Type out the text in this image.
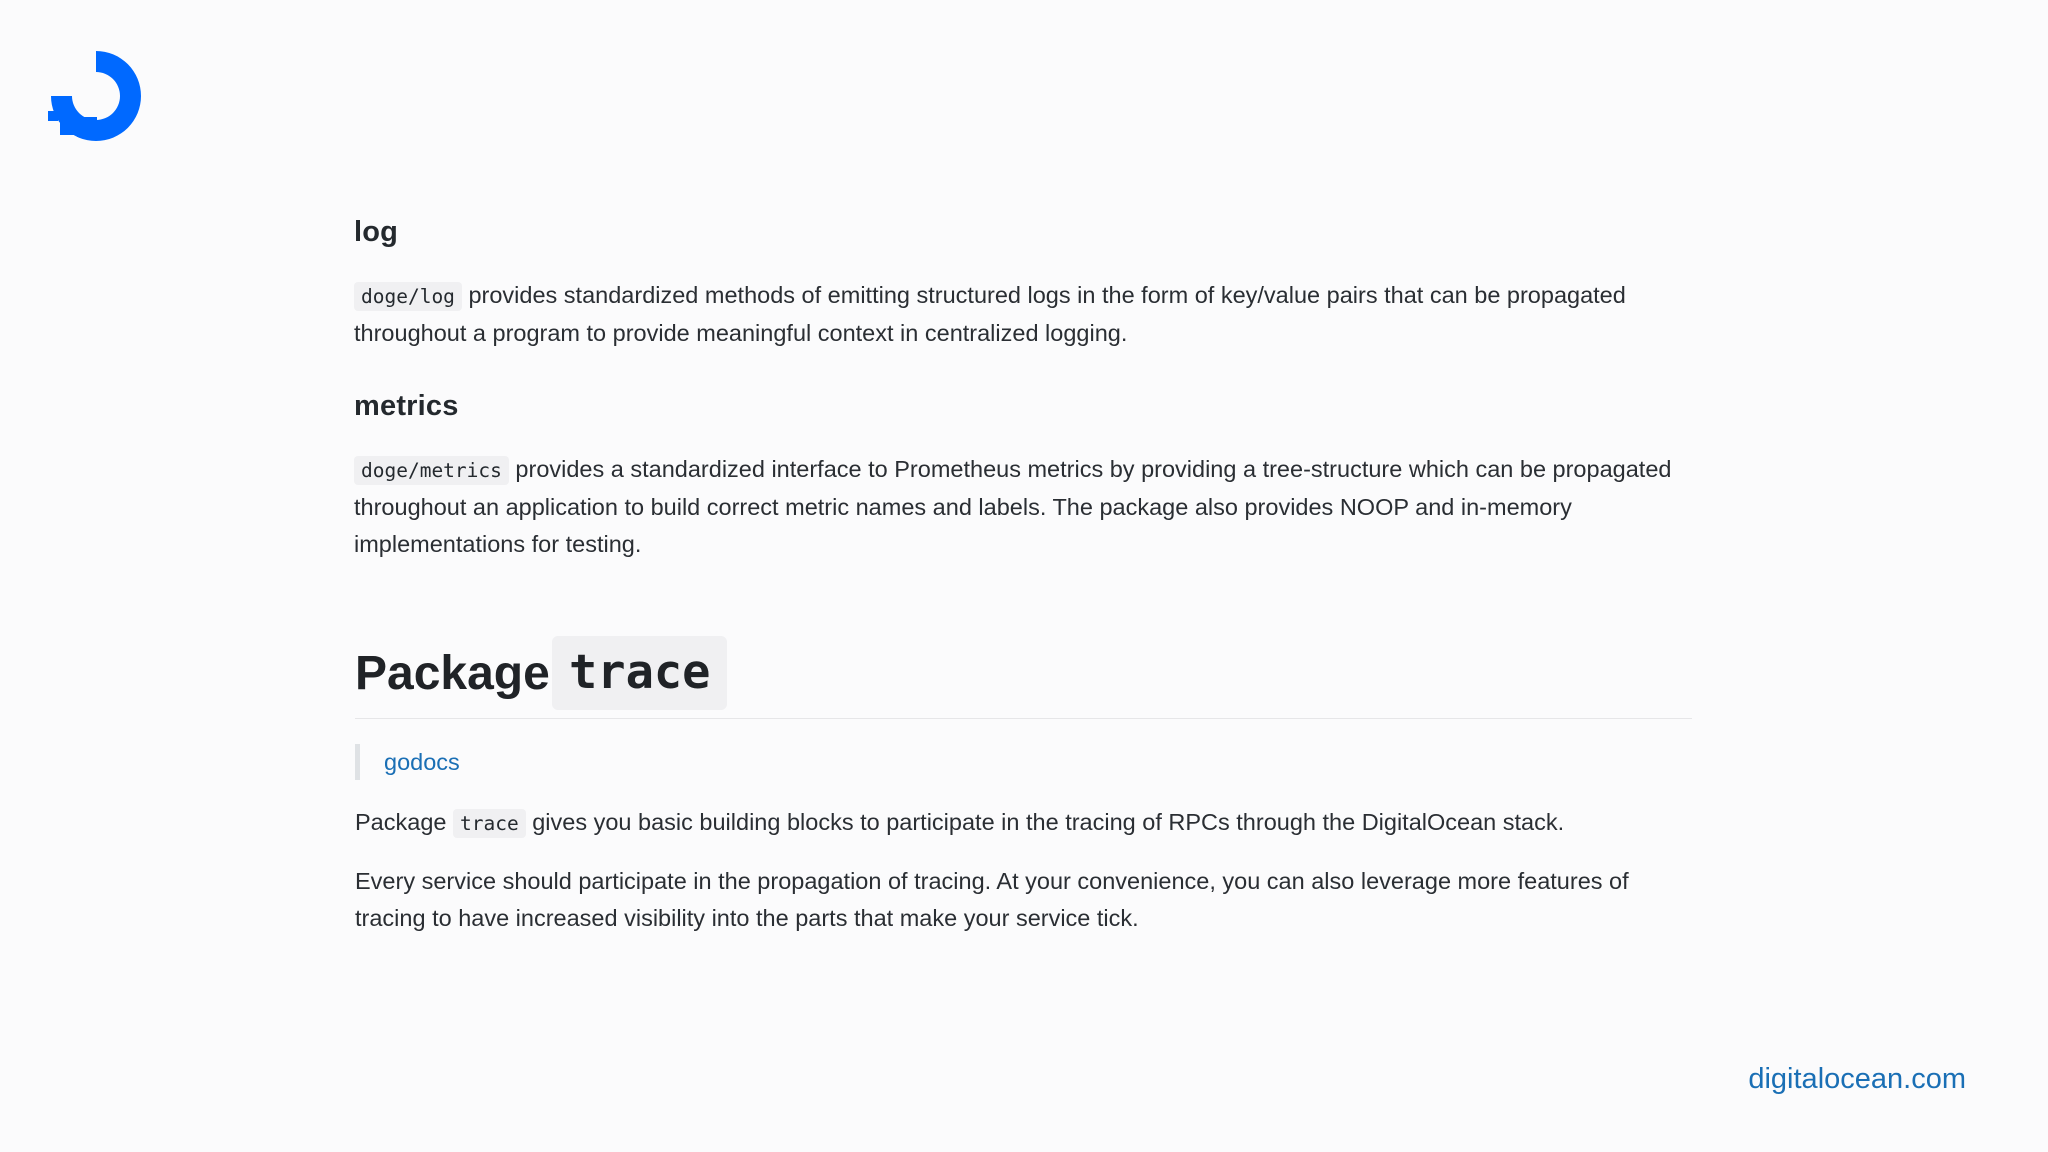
log

doge/log provides standardized methods of emitting structured logs in the form of key/value pairs that can be propagated throughout a program to provide meaningful context in centralized logging.

metrics

doge/metrics provides a standardized interface to Prometheus metrics by providing a tree-structure which can be propagated throughout an application to build correct metric names and labels. The package also provides NOOP and in-memory implementations for testing.

Package trace
godocs

Package trace gives you basic building blocks to participate in the tracing of RPCs through the DigitalOcean stack.

Every service should participate in the propagation of tracing. At your convenience, you can also leverage more features of tracing to have increased visibility into the parts that make your service tick.

digitalocean.com
